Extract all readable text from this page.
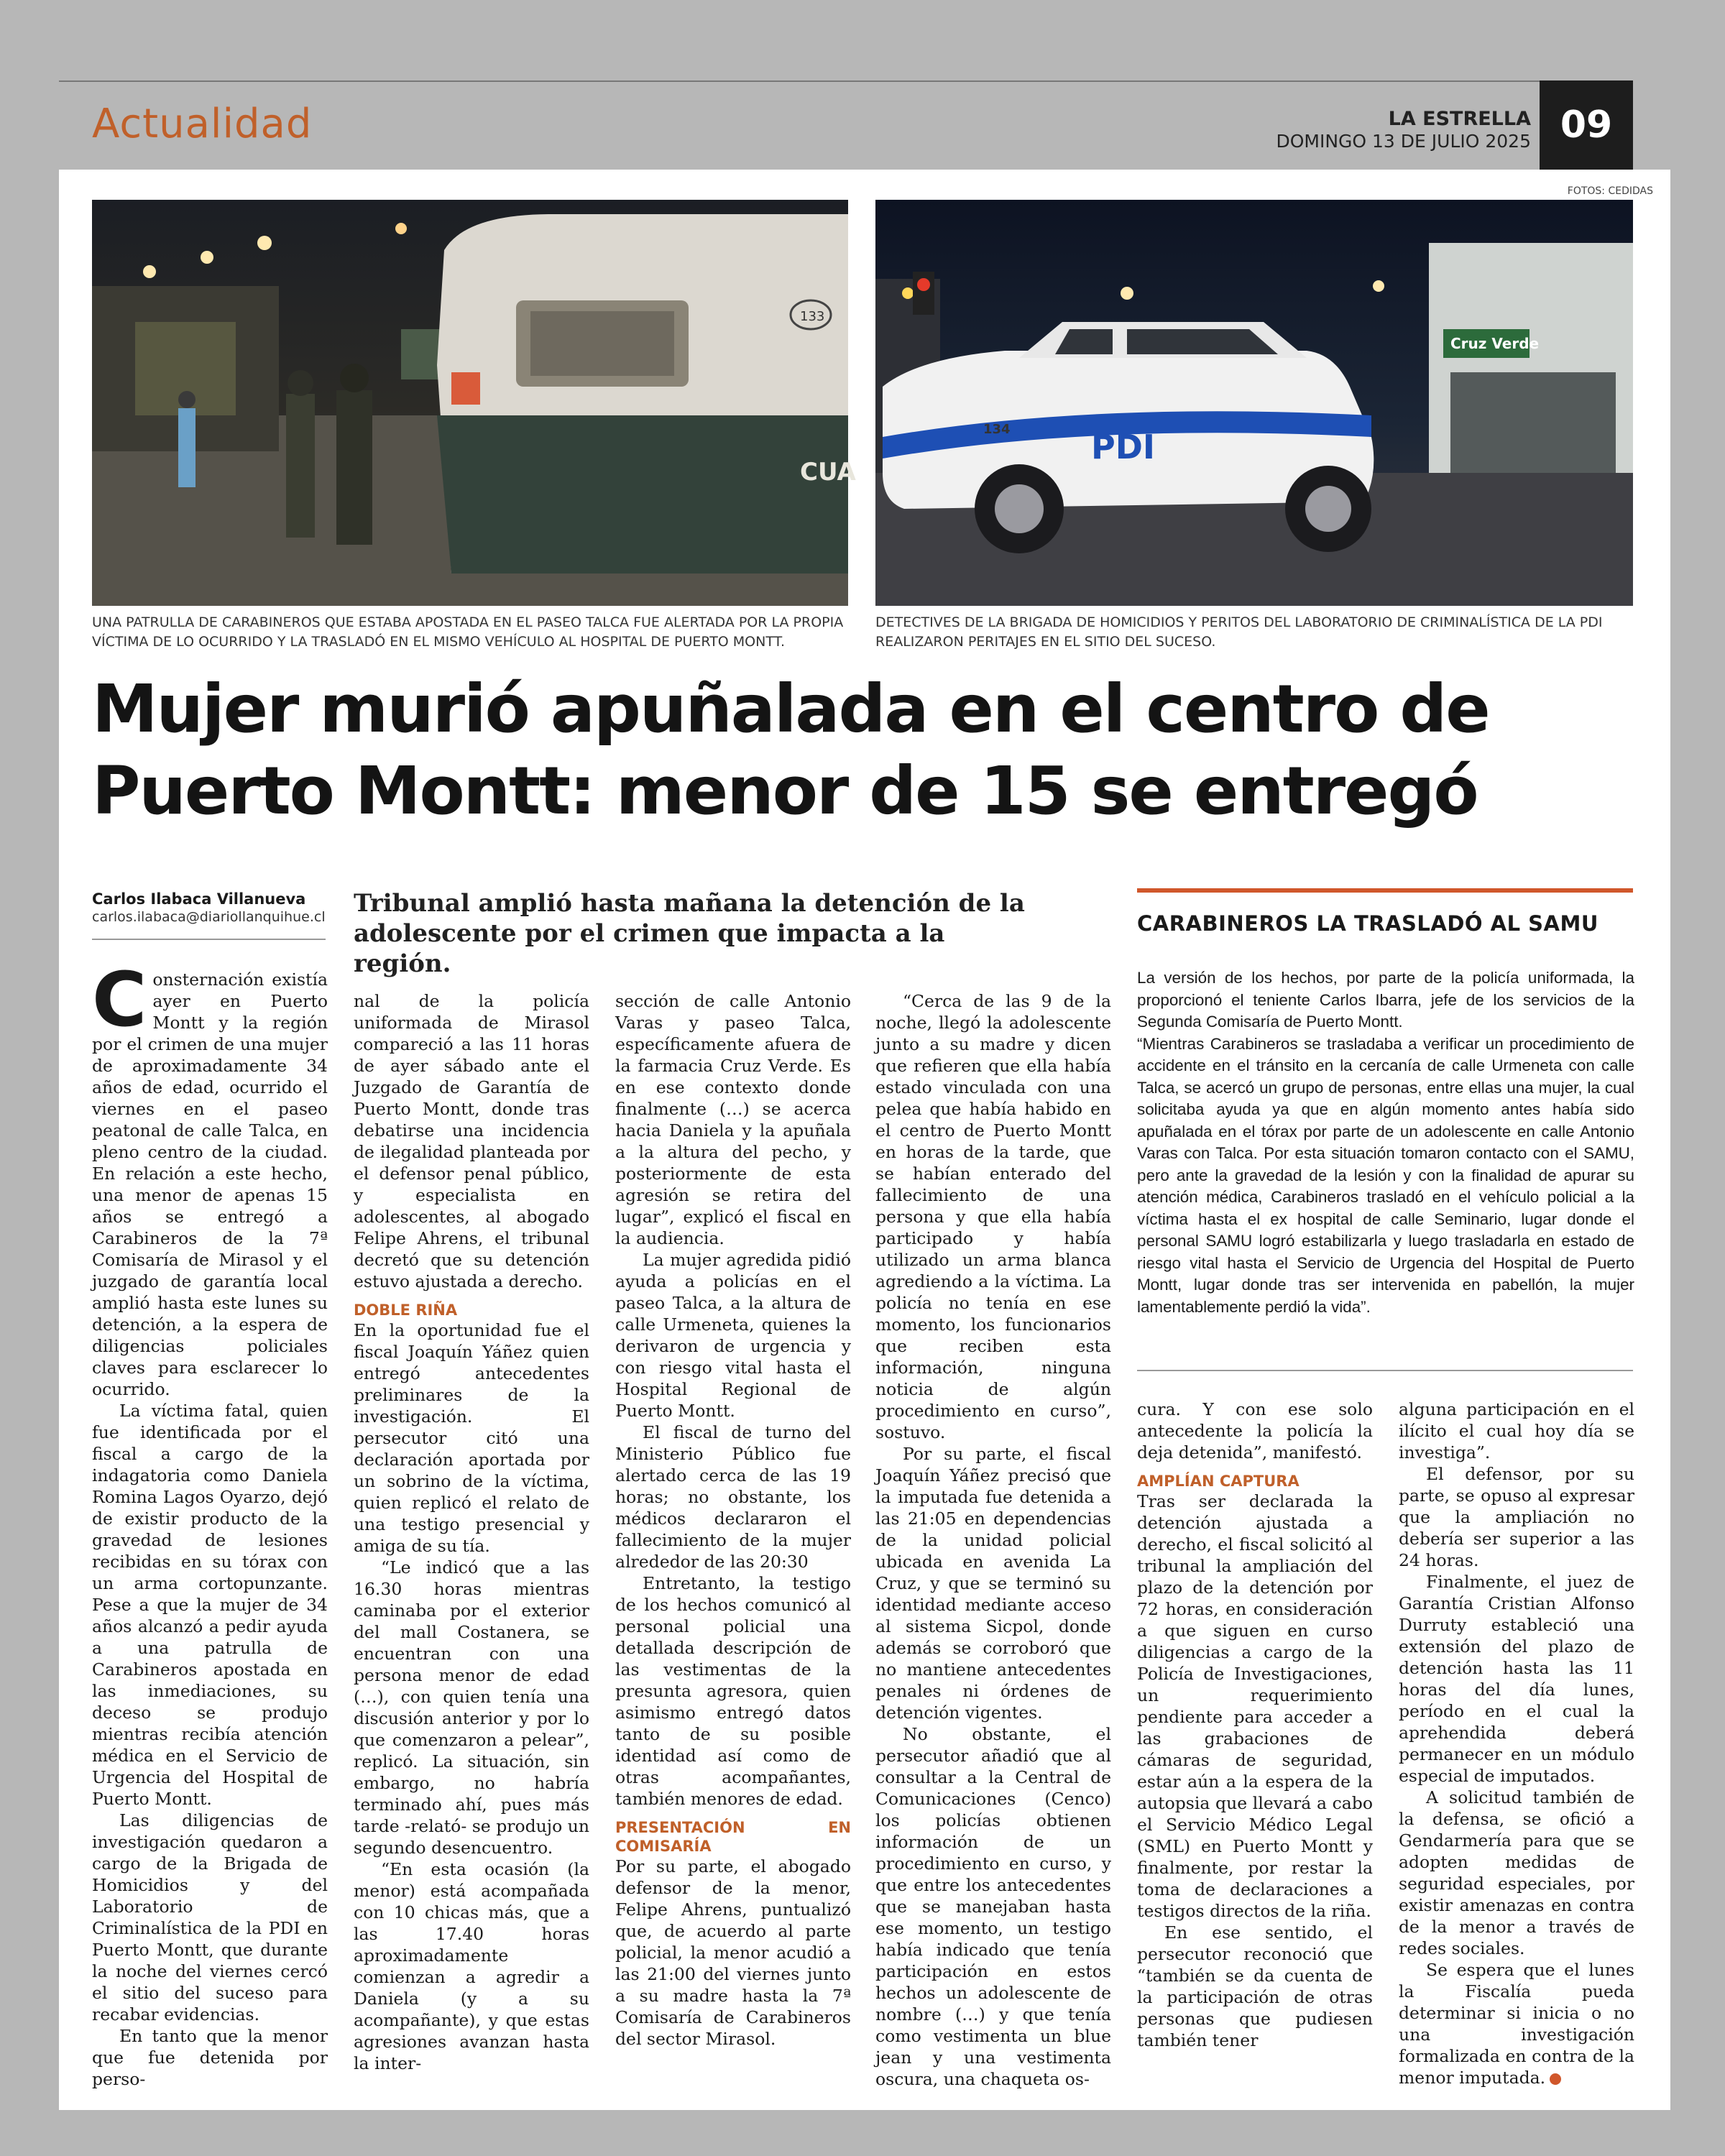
Actualidad	LA ESTRELLA
DOMINGO 13 DE JULIO 2025 09
FOTOS: CEDIDAS
133
CUA
Cruz Verde
PDI
134
UNA PATRULLA DE CARABINEROS QUE ESTABA APOSTADA EN EL PASEO TALCA FUE ALERTADA POR LA PROPIA VÍCTIMA DE LO OCURRIDO Y LA TRASLADÓ EN EL MISMO VEHÍCULO AL HOSPITAL DE PUERTO MONTT.
DETECTIVES DE LA BRIGADA DE HOMICIDIOS Y PERITOS DEL LABORATORIO DE CRIMINALÍSTICA DE LA PDI REALIZARON PERITAJES EN EL SITIO DEL SUCESO.
Mujer murió apuñalada en el centro de
Puerto Montt: menor de 15 se entregó
Carlos Ilabaca Villanueva
carlos.ilabaca@diariollanquihue.cl Tribunal amplió hasta mañana la detención de la adolescente por el crimen que impacta a la región.

Consternación existía ayer en Puerto Montt y la región por el crimen de una mujer de aproximadamente 34 años de edad, ocurrido el viernes en el paseo peatonal de calle Talca, en pleno centro de la ciudad. En relación a este hecho, una menor de apenas 15 años se entregó a Carabineros de la 7ª Comisaría de Mirasol y el juzgado de garantía local amplió hasta este lunes su detención, a la espera de diligencias policiales claves para esclarecer lo ocurrido.

La víctima fatal, quien fue identificada por el fiscal a cargo de la indagatoria como Daniela Romina Lagos Oyarzo, dejó de existir producto de la gravedad de lesiones recibidas en su tórax con un arma cortopunzante. Pese a que la mujer de 34 años alcanzó a pedir ayuda a una patrulla de Carabineros apostada en las inmediaciones, su deceso se produjo mientras recibía atención médica en el Servicio de Urgencia del Hospital de Puerto Montt.

Las diligencias de investigación quedaron a cargo de la Brigada de Homicidios y del Laboratorio de Criminalística de la PDI en Puerto Montt, que durante la noche del viernes cercó el sitio del suceso para recabar evidencias.

En tanto que la menor que fue detenida por perso-

nal de la policía uniformada de Mirasol compareció a las 11 horas de ayer sábado ante el Juzgado de Garantía de Puerto Montt, donde tras debatirse una incidencia de ilegalidad planteada por el defensor penal público, y especialista en adolescentes, al abogado Felipe Ahrens, el tribunal decretó que su detención estuvo ajustada a derecho.

DOBLE RIÑA

En la oportunidad fue el fiscal Joaquín Yáñez quien entregó antecedentes preliminares de la investigación. El persecutor citó una declaración aportada por un sobrino de la víctima, quien replicó el relato de una testigo presencial y amiga de su tía.

“Le indicó que a las 16.30 horas mientras caminaba por el exterior del mall Costanera, se encuentran con una persona menor de edad (…), con quien tenía una discusión anterior y por lo que comenzaron a pelear”, replicó. La situación, sin embargo, no habría terminado ahí, pues más tarde -relató- se produjo un segundo desencuentro.

“En esta ocasión (la menor) está acompañada con 10 chicas más, que a las 17.40 horas aproximadamente comienzan a agredir a Daniela (y a su acompañante), y que estas agresiones avanzan hasta la inter-

sección de calle Antonio Varas y paseo Talca, específicamente afuera de la farmacia Cruz Verde. Es en ese contexto donde finalmente (…) se acerca hacia Daniela y la apuñala a la altura del pecho, y posteriormente de esta agresión se retira del lugar”, explicó el fiscal en la audiencia.

La mujer agredida pidió ayuda a policías en el paseo Talca, a la altura de calle Urmeneta, quienes la derivaron de urgencia y con riesgo vital hasta el Hospital Regional de Puerto Montt.

El fiscal de turno del Ministerio Público fue alertado cerca de las 19 horas; no obstante, los médicos declararon el fallecimiento de la mujer alrededor de las 20:30

Entretanto, la testigo de los hechos comunicó al personal policial una detallada descripción de las vestimentas de la presunta agresora, quien asimismo entregó datos tanto de su posible identidad así como de otras acompañantes, también menores de edad.

PRESENTACIÓN EN COMISARÍA

Por su parte, el abogado defensor de la menor, Felipe Ahrens, puntualizó que, de acuerdo al parte policial, la menor acudió a las 21:00 del viernes junto a su madre hasta la 7ª Comisaría de Carabineros del sector Mirasol.

“Cerca de las 9 de la noche, llegó la adolescente junto a su madre y dicen que refieren que ella había estado vinculada con una pelea que había habido en el centro de Puerto Montt en horas de la tarde, que se habían enterado del fallecimiento de una persona y que ella había participado y había utilizado un arma blanca agrediendo a la víctima. La policía no tenía en ese momento, los funcionarios que reciben esta información, ninguna noticia de algún procedimiento en curso”, sostuvo.

Por su parte, el fiscal Joaquín Yáñez precisó que la imputada fue detenida a las 21:05 en dependencias de la unidad policial ubicada en avenida La Cruz, y que se terminó su identidad mediante acceso al sistema Sicpol, donde además se corroboró que no mantiene antecedentes penales ni órdenes de detención vigentes.

No obstante, el persecutor añadió que al consultar a la Central de Comunicaciones (Cenco) los policías obtienen información de un procedimiento en curso, y que entre los antecedentes que se manejaban hasta ese momento, un testigo había indicado que tenía participación en estos hechos un adolescente de nombre (…) y que tenía como vestimenta un blue jean y una vestimenta oscura, una chaqueta os-

CARABINEROS LA TRASLADÓ AL SAMU

La versión de los hechos, por parte de la policía uniformada, la proporcionó el teniente Carlos Ibarra, jefe de los servicios de la Segunda Comisaría de Puerto Montt.

“Mientras Carabineros se trasladaba a verificar un procedimiento de accidente en el tránsito en la cercanía de calle Urmeneta con calle Talca, se acercó un grupo de personas, entre ellas una mujer, la cual solicitaba ayuda ya que en algún momento antes había sido apuñalada en el tórax por parte de un adolescente en calle Antonio Varas con Talca. Por esta situación tomaron contacto con el SAMU, pero ante la gravedad de la lesión y con la finalidad de apurar su atención médica, Carabineros trasladó en el vehículo policial a la víctima hasta el ex hospital de calle Seminario, lugar donde el personal SAMU logró estabilizarla y luego trasladarla en estado de riesgo vital hasta el Servicio de Urgencia del Hospital de Puerto Montt, lugar donde tras ser intervenida en pabellón, la mujer lamentablemente perdió la vida”.

cura. Y con ese solo antecedente la policía la deja detenida”, manifestó.

AMPLÍAN CAPTURA

Tras ser declarada la detención ajustada a derecho, el fiscal solicitó al tribunal la ampliación del plazo de la detención por 72 horas, en consideración a que siguen en curso diligencias a cargo de la Policía de Investigaciones, un requerimiento pendiente para acceder a las grabaciones de cámaras de seguridad, estar aún a la espera de la autopsia que llevará a cabo el Servicio Médico Legal (SML) en Puerto Montt y finalmente, por restar la toma de declaraciones a testigos directos de la riña.

En ese sentido, el persecutor reconoció que “también se da cuenta de la participación de otras personas que pudiesen también tener

alguna participación en el ilícito el cual hoy día se investiga”.

El defensor, por su parte, se opuso al expresar que la ampliación no debería ser superior a las 24 horas.

Finalmente, el juez de Garantía Cristian Alfonso Durruty estableció una extensión del plazo de detención hasta las 11 horas del día lunes, período en el cual la aprehendida deberá permanecer en un módulo especial de imputados.

A solicitud también de la defensa, se ofició a Gendarmería para que se adopten medidas de seguridad especiales, por existir amenazas en contra de la menor a través de redes sociales.

Se espera que el lunes la Fiscalía pueda determinar si inicia o no una investigación formalizada en contra de la menor imputada.
